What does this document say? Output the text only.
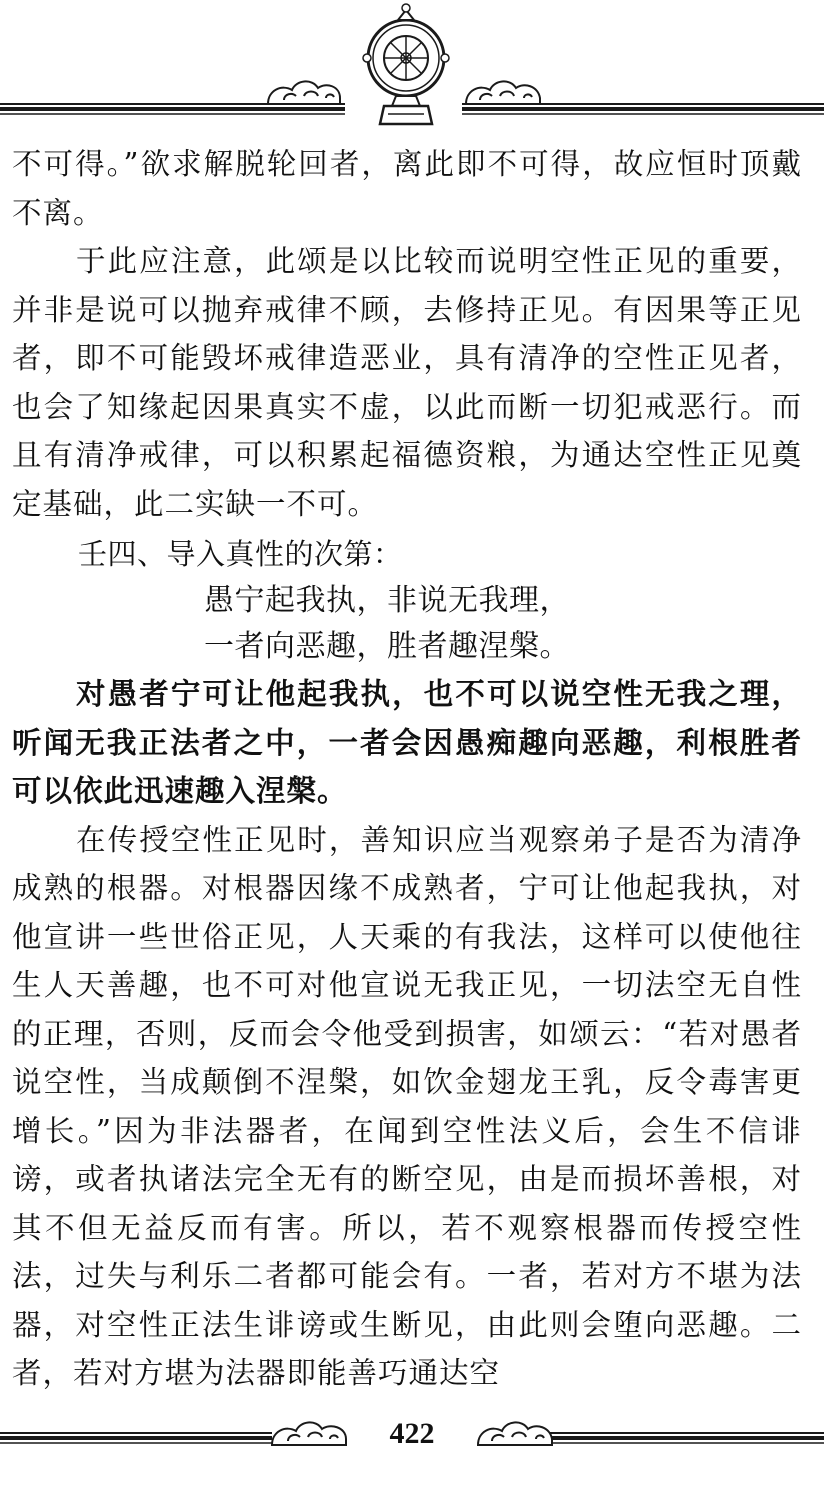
不可得。”欲求解脱轮回者，离此即不可得，故应恒时顶戴不离。

于此应注意，此颂是以比较而说明空性正见的重要，并非是说可以抛弃戒律不顾，去修持正见。有因果等正见者，即不可能毁坏戒律造恶业，具有清净的空性正见者，也会了知缘起因果真实不虚，以此而断一切犯戒恶行。而且有清净戒律，可以积累起福德资粮，为通达空性正见奠定基础，此二实缺一不可。

壬四、导入真性的次第：

愚宁起我执，非说无我理，

一者向恶趣，胜者趣涅槃。

对愚者宁可让他起我执，也不可以说空性无我之理，听闻无我正法者之中，一者会因愚痴趣向恶趣，利根胜者可以依此迅速趣入涅槃。

在传授空性正见时，善知识应当观察弟子是否为清净成熟的根器。对根器因缘不成熟者，宁可让他起我执，对他宣讲一些世俗正见，人天乘的有我法，这样可以使他往生人天善趣，也不可对他宣说无我正见，一切法空无自性的正理，否则，反而会令他受到损害，如颂云：“若对愚者说空性，当成颠倒不涅槃，如饮金翅龙王乳，反令毒害更增长。”因为非法器者，在闻到空性法义后，会生不信诽谤，或者执诸法完全无有的断空见，由是而损坏善根，对其不但无益反而有害。所以，若不观察根器而传授空性法，过失与利乐二者都可能会有。一者，若对方不堪为法器，对空性正法生诽谤或生断见，由此则会堕向恶趣。二者，若对方堪为法器即能善巧通达空

422
